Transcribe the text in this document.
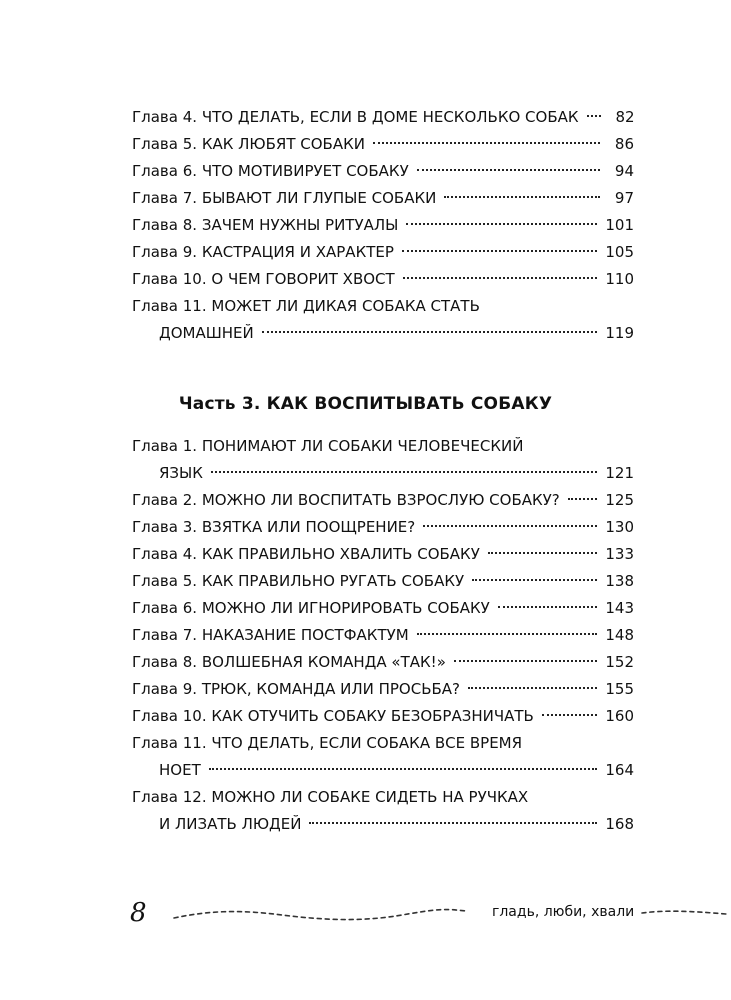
Глава 4. ЧТО ДЕЛАТЬ, ЕСЛИ В ДОМЕ НЕСКОЛЬКО СОБАК	82
Глава 5. КАК ЛЮБЯТ СОБАКИ	86
Глава 6. ЧТО МОТИВИРУЕТ СОБАКУ	94
Глава 7. БЫВАЮТ ЛИ ГЛУПЫЕ СОБАКИ	97
Глава 8. ЗАЧЕМ НУЖНЫ РИТУАЛЫ	101
Глава 9. КАСТРАЦИЯ И ХАРАКТЕР	105
Глава 10. О ЧЕМ ГОВОРИТ ХВОСТ	110
Глава 11. МОЖЕТ ЛИ ДИКАЯ СОБАКА СТАТЬ
ДОМАШНЕЙ	119
Часть 3. КАК ВОСПИТЫВАТЬ СОБАКУ
Глава 1. ПОНИМАЮТ ЛИ СОБАКИ ЧЕЛОВЕЧЕСКИЙ
ЯЗЫК	121
Глава 2. МОЖНО ЛИ ВОСПИТАТЬ ВЗРОСЛУЮ СОБАКУ?	125
Глава 3. ВЗЯТКА ИЛИ ПООЩРЕНИЕ?	130
Глава 4. КАК ПРАВИЛЬНО ХВАЛИТЬ СОБАКУ	133
Глава 5. КАК ПРАВИЛЬНО РУГАТЬ СОБАКУ	138
Глава 6. МОЖНО ЛИ ИГНОРИРОВАТЬ СОБАКУ	143
Глава 7. НАКАЗАНИЕ ПОСТФАКТУМ	148
Глава 8. ВОЛШЕБНАЯ КОМАНДА «ТАК!»	152
Глава 9. ТРЮК, КОМАНДА ИЛИ ПРОСЬБА?	155
Глава 10. КАК ОТУЧИТЬ СОБАКУ БЕЗОБРАЗНИЧАТЬ	160
Глава 11. ЧТО ДЕЛАТЬ, ЕСЛИ СОБАКА ВСЕ ВРЕМЯ
НОЕТ	164
Глава 12. МОЖНО ЛИ СОБАКЕ СИДЕТЬ НА РУЧКАХ
И ЛИЗАТЬ ЛЮДЕЙ	168
8	гладь, люби, хвали
